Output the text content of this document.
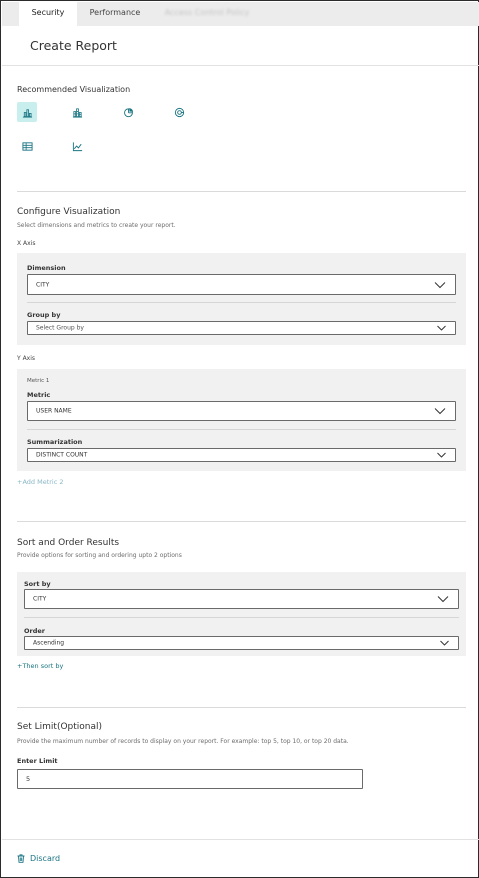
Security	Performance	Access Control Policy
Create Report
Recommended Visualization
Configure Visualization
Select dimensions and metrics to create your report.
X Axis
Dimension
CITY
Group by
Select Group by
Y Axis
Metric 1
Metric
USER NAME
Summarization
DISTINCT COUNT
+Add Metric 2
Sort and Order Results
Provide options for sorting and ordering upto 2 options
Sort by
CITY
Order
Ascending
+Then sort by
Set Limit(Optional)
Provide the maximum number of records to display on your report. For example: top 5, top 10, or top 20 data.
Enter Limit
5
Discard
